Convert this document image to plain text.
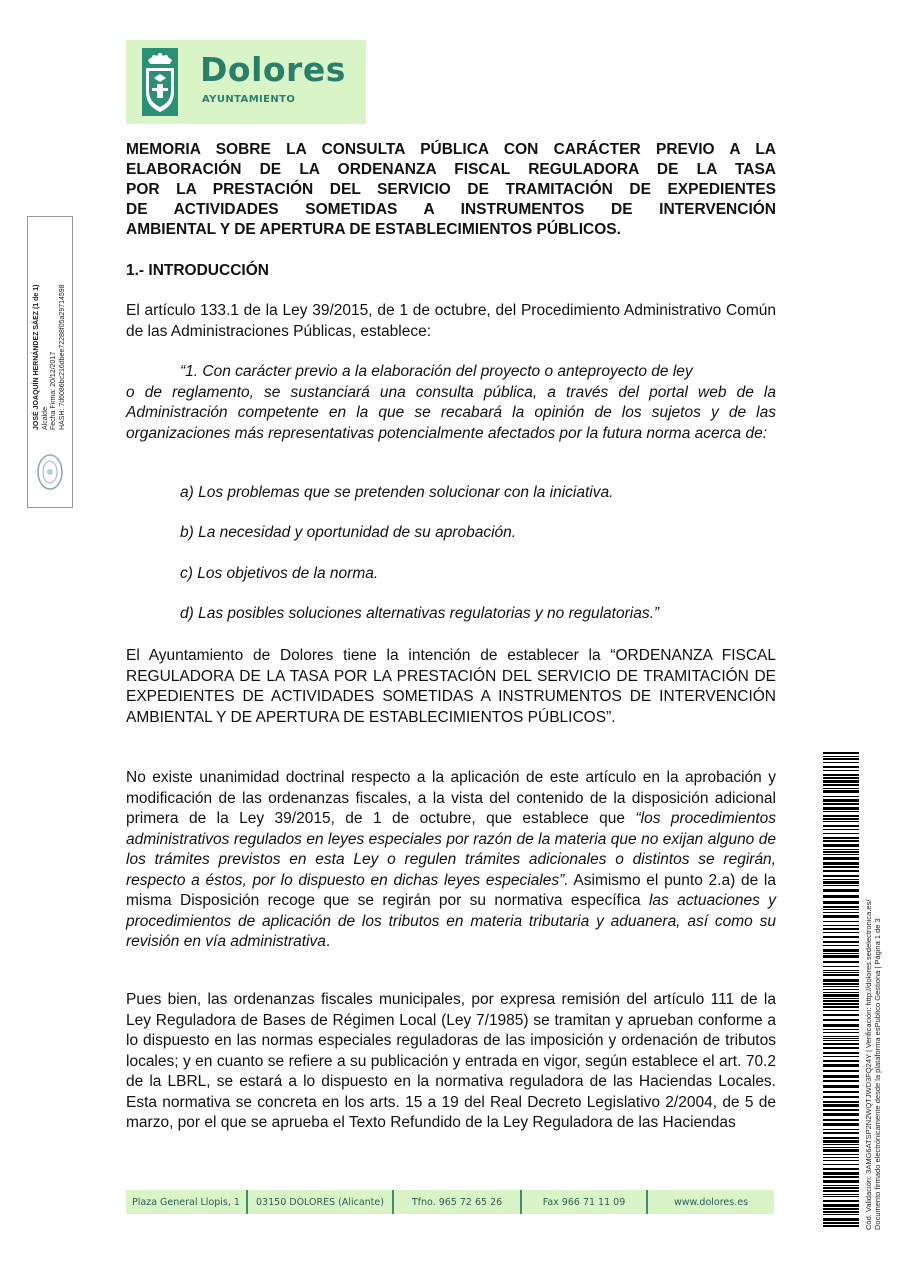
Dolores
AYUNTAMIENTO
JOSÉ JOAQUÍN HERNÁNDEZ SÁEZ (1 de 1) Alcalde Fecha Firma: 20/12/2017 HASH: 7d6086bc216dbee72288f05a29714598
MEMORIA SOBRE LA CONSULTA PÚBLICA CON CARÁCTER PREVIO A LA
ELABORACIÓN DE LA ORDENANZA FISCAL REGULADORA DE LA TASA
POR LA PRESTACIÓN DEL SERVICIO DE TRAMITACIÓN DE EXPEDIENTES
DE ACTIVIDADES SOMETIDAS A INSTRUMENTOS DE INTERVENCIÓN

AMBIENTAL Y DE APERTURA DE ESTABLECIMIENTOS PÚBLICOS.
1.- INTRODUCCIÓN
El artículo 133.1 de la Ley 39/2015, de 1 de octubre, del Procedimiento Administrativo Común de las Administraciones Públicas, establece:
“1. Con carácter previo a la elaboración del proyecto o anteproyecto de ley
o de reglamento, se sustanciará una consulta pública, a través del portal web de la Administración competente en la que se recabará la opinión de los sujetos y de las organizaciones más representativas potencialmente afectados por la futura norma acerca de:
a) Los problemas que se pretenden solucionar con la iniciativa.
b) La necesidad y oportunidad de su aprobación.
c) Los objetivos de la norma.
d) Las posibles soluciones alternativas regulatorias y no regulatorias.”
El Ayuntamiento de Dolores tiene la intención de establecer la “ORDENANZA FISCAL REGULADORA DE LA TASA POR LA PRESTACIÓN DEL SERVICIO DE TRAMITACIÓN DE EXPEDIENTES DE ACTIVIDADES SOMETIDAS A INSTRUMENTOS DE INTERVENCIÓN AMBIENTAL Y DE APERTURA DE ESTABLECIMIENTOS PÚBLICOS”.
No existe unanimidad doctrinal respecto a la aplicación de este artículo en la aprobación y modificación de las ordenanzas fiscales, a la vista del contenido de la disposición adicional primera de la Ley 39/2015, de 1 de octubre, que establece que “los procedimientos administrativos regulados en leyes especiales por razón de la materia que no exijan alguno de los trámites previstos en esta Ley o regulen trámites adicionales o distintos se regirán, respecto a éstos, por lo dispuesto en dichas leyes especiales”. Asimismo el punto 2.a) de la misma Disposición recoge que se regirán por su normativa específica las actuaciones y procedimientos de aplicación de los tributos en materia tributaria y aduanera, así como su revisión en vía administrativa.
Pues bien, las ordenanzas fiscales municipales, por expresa remisión del artículo 111 de la Ley Reguladora de Bases de Régimen Local (Ley 7/1985) se tramitan y aprueban conforme a lo dispuesto en las normas especiales reguladoras de las imposición y ordenación de tributos locales; y en cuanto se refiere a su publicación y entrada en vigor, según establece el art. 70.2 de la LBRL, se estará a lo dispuesto en la normativa reguladora de las Haciendas Locales. Esta normativa se concreta en los arts. 15 a 19 del Real Decreto Legislativo 2/2004, de 5 de marzo, por el que se aprueba el Texto Refundido de la Ley Reguladora de las Haciendas
Plaza General Llopis, 1	03150 DOLORES (Alicante)	Tfno. 965 72 65 26	Fax 966 71 11 09	www.dolores.es	Cód. Validación: 3AMG6ATSP2N2WQTJWD3FQ24Y | Verificación: http://dolores.sedelectronica.es/ Documento firmado electrónicamente desde la plataforma esPublico Gestiona | Página 1 de 3
